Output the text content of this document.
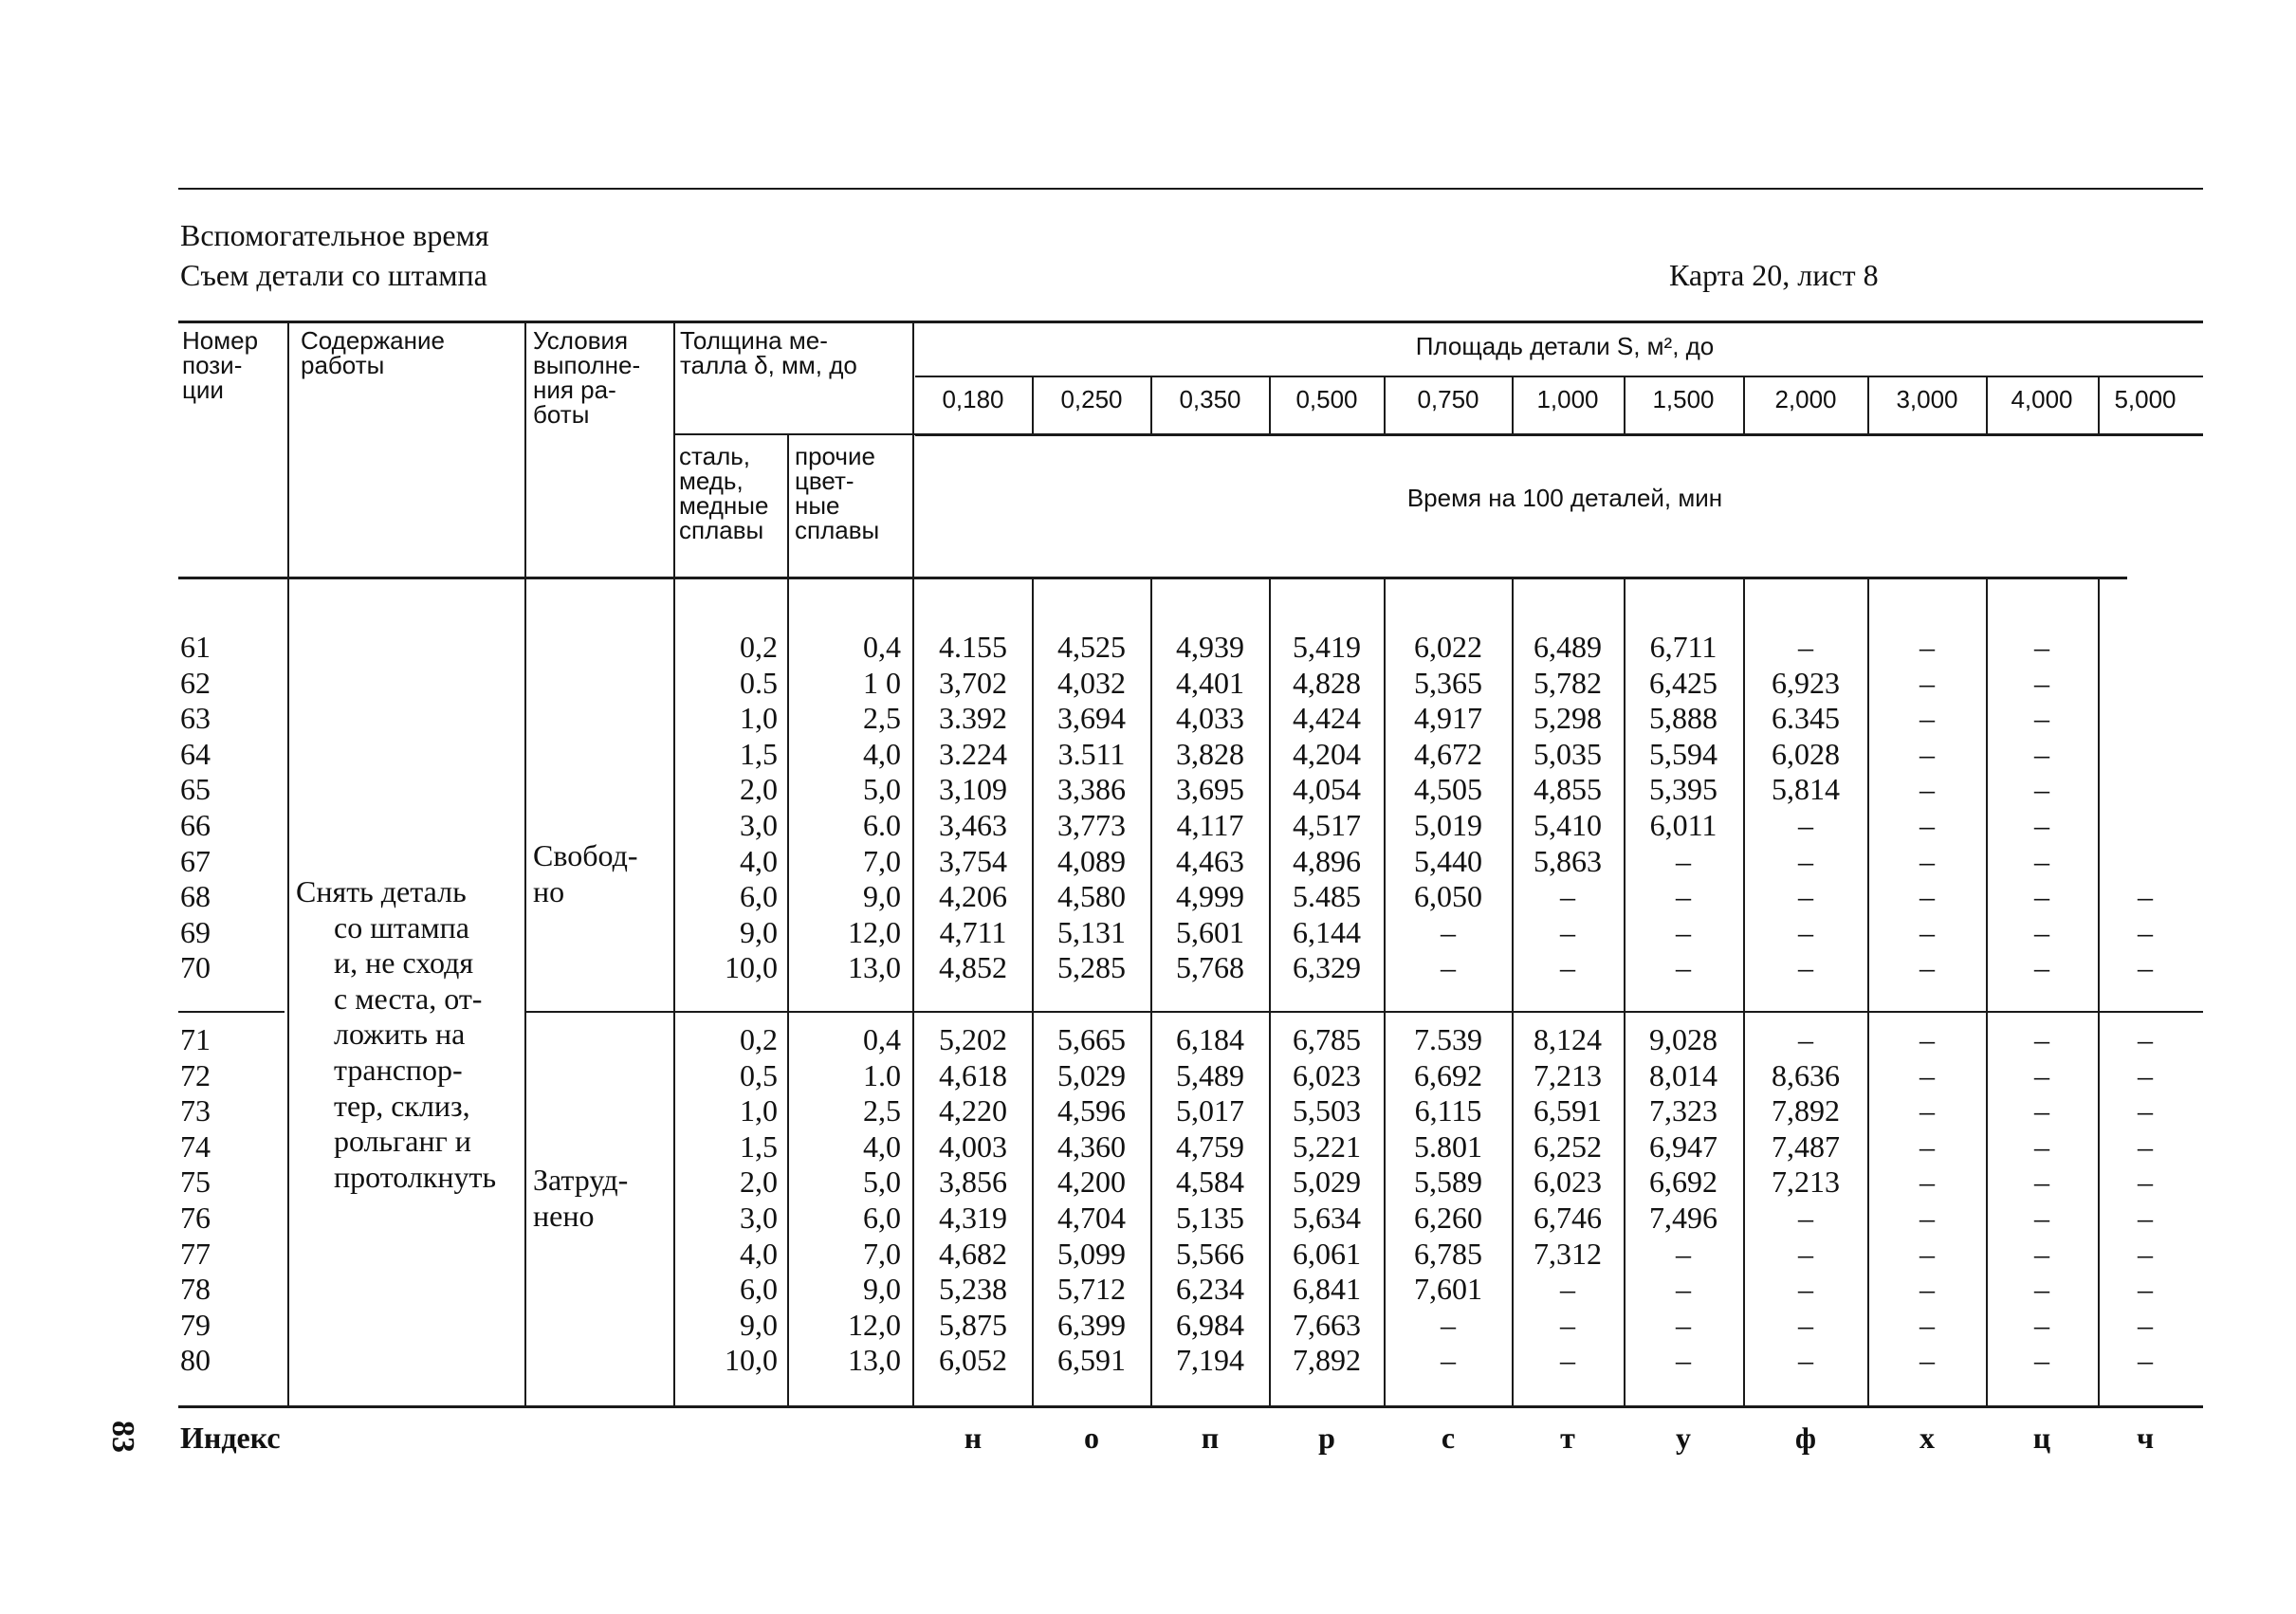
Вспомогательное время
Съем детали со штампа	Карта 20, лист 8
Номер
пози-
ции
Содержание
работы
Условия
выполне-
ния ра-
боты
Толщина ме-
талла δ, мм, до
сталь,
медь,
медные
сплавы
прочие
цвет-
ные
сплавы
Площадь детали S, м², до
0,180	0,250	0,350	0,500	0,750	1,000	1,500	2,000	3,000	4,000	5,000
Время на 100 деталей, мин
Снять деталь
со штампа
и, не сходя
с места, от-
ложить на
транспор-
тер, склиз,
рольганг и
протолкнуть
Свобод-
но
Затруд-
нено
61	0,2	0,4	4.155	4,525	4,939	5,419	6,022	6,489	6,711	–	–	–
62	0.5	1 0	3,702	4,032	4,401	4,828	5,365	5,782	6,425	6,923	–	–
63	1,0	2,5	3.392	3,694	4,033	4,424	4,917	5,298	5,888	6.345	–	–
64	1,5	4,0	3.224	3.511	3,828	4,204	4,672	5,035	5,594	6,028	–	–
65	2,0	5,0	3,109	3,386	3,695	4,054	4,505	4,855	5,395	5,814	–	–
66	3,0	6.0	3,463	3,773	4,117	4,517	5,019	5,410	6,011	–	–	–
67	4,0	7,0	3,754	4,089	4,463	4,896	5,440	5,863	–	–	–	–
68	6,0	9,0	4,206	4,580	4,999	5.485	6,050	–	–	–	–	–	–
69	9,0	12,0	4,711	5,131	5,601	6,144	–	–	–	–	–	–	–
70	10,0	13,0	4,852	5,285	5,768	6,329	–	–	–	–	–	–	–
71	0,2	0,4	5,202	5,665	6,184	6,785	7.539	8,124	9,028	–	–	–	–
72	0,5	1.0	4,618	5,029	5,489	6,023	6,692	7,213	8,014	8,636	–	–	–
73	1,0	2,5	4,220	4,596	5,017	5,503	6,115	6,591	7,323	7,892	–	–	–
74	1,5	4,0	4,003	4,360	4,759	5,221	5.801	6,252	6,947	7,487	–	–	–
75	2,0	5,0	3,856	4,200	4,584	5,029	5,589	6,023	6,692	7,213	–	–	–
76	3,0	6,0	4,319	4,704	5,135	5,634	6,260	6,746	7,496	–	–	–	–
77	4,0	7,0	4,682	5,099	5,566	6,061	6,785	7,312	–	–	–	–	–
78	6,0	9,0	5,238	5,712	6,234	6,841	7,601	–	–	–	–	–	–
79	9,0	12,0	5,875	6,399	6,984	7,663	–	–	–	–	–	–	–
80	10,0	13,0	6,052	6,591	7,194	7,892	–	–	–	–	–	–	–
Индекс	н	о	п	р	с	т	у	ф	х	ц	ч
83
